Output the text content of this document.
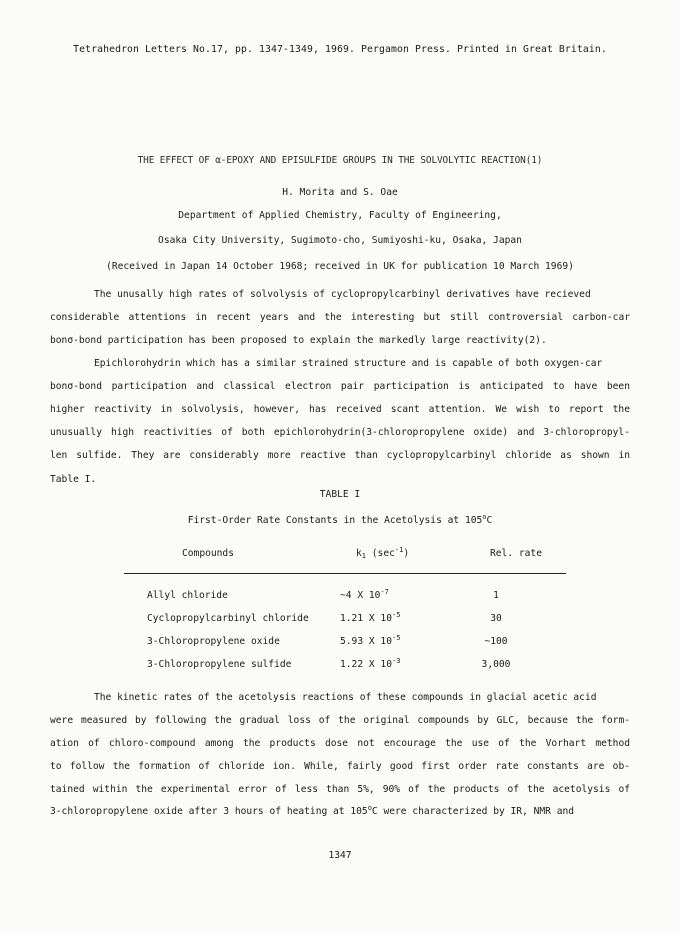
Tetrahedron Letters No.17, pp. 1347-1349, 1969. Pergamon Press. Printed in Great Britain.
THE EFFECT OF α-EPOXY AND EPISULFIDE GROUPS IN THE SOLVOLYTIC REACTION(1)
H. Morita and S. Oae
Department of Applied Chemistry, Faculty of Engineering,
Osaka City University, Sugimoto-cho, Sumiyoshi-ku, Osaka, Japan
(Received in Japan 14 October 1968; received in UK for publication 10 March 1969)
The unusally high rates of solvolysis of cyclopropylcarbinyl derivatives have recieved
considerable attentions in recent years and the interesting but still controversial carbon-car
bonσ-bond participation has been proposed to explain the markedly large reactivity(2).
Epichlorohydrin which has a similar strained structure and is capable of both oxygen-car
bonσ-bond participation and classical electron pair participation is anticipated to have been
higher reactivity in solvolysis, however, has received scant attention. We wish to report the
unusually high reactivities of both epichlorohydrin(3-chloropropylene oxide) and 3-chloropropyl-
len sulfide. They are considerably more reactive than cyclopropylcarbinyl chloride as shown in
Table I.
TABLE I
First-Order Rate Constants in the Acetolysis at 105$^o$C
Compounds	$k_1$ $(\sec^{-1})$	Rel. rate
Allyl chloride	~4 X $10^{-7}$	1
Cyclopropylcarbinyl chloride	1.21 X $10^{-5}$	30
3-Chloropropylene oxide	5.93 X $10^{-5}$	~100
3-Chloropropylene sulfide	1.22 X $10^{-3}$	3,000
The kinetic rates of the acetolysis reactions of these compounds in glacial acetic acid
were measured by following the gradual loss of the original compounds by GLC, because the form-
ation of chloro-compound among the products dose not encourage the use of the Vorhart method
to follow the formation of chloride ion. While, fairly good first order rate constants are ob-
tained within the experimental error of less than 5%, 90% of the products of the acetolysis of
3-chloropropylene oxide after 3 hours of heating at 105$^o$C were characterized by IR, NMR and
1347
